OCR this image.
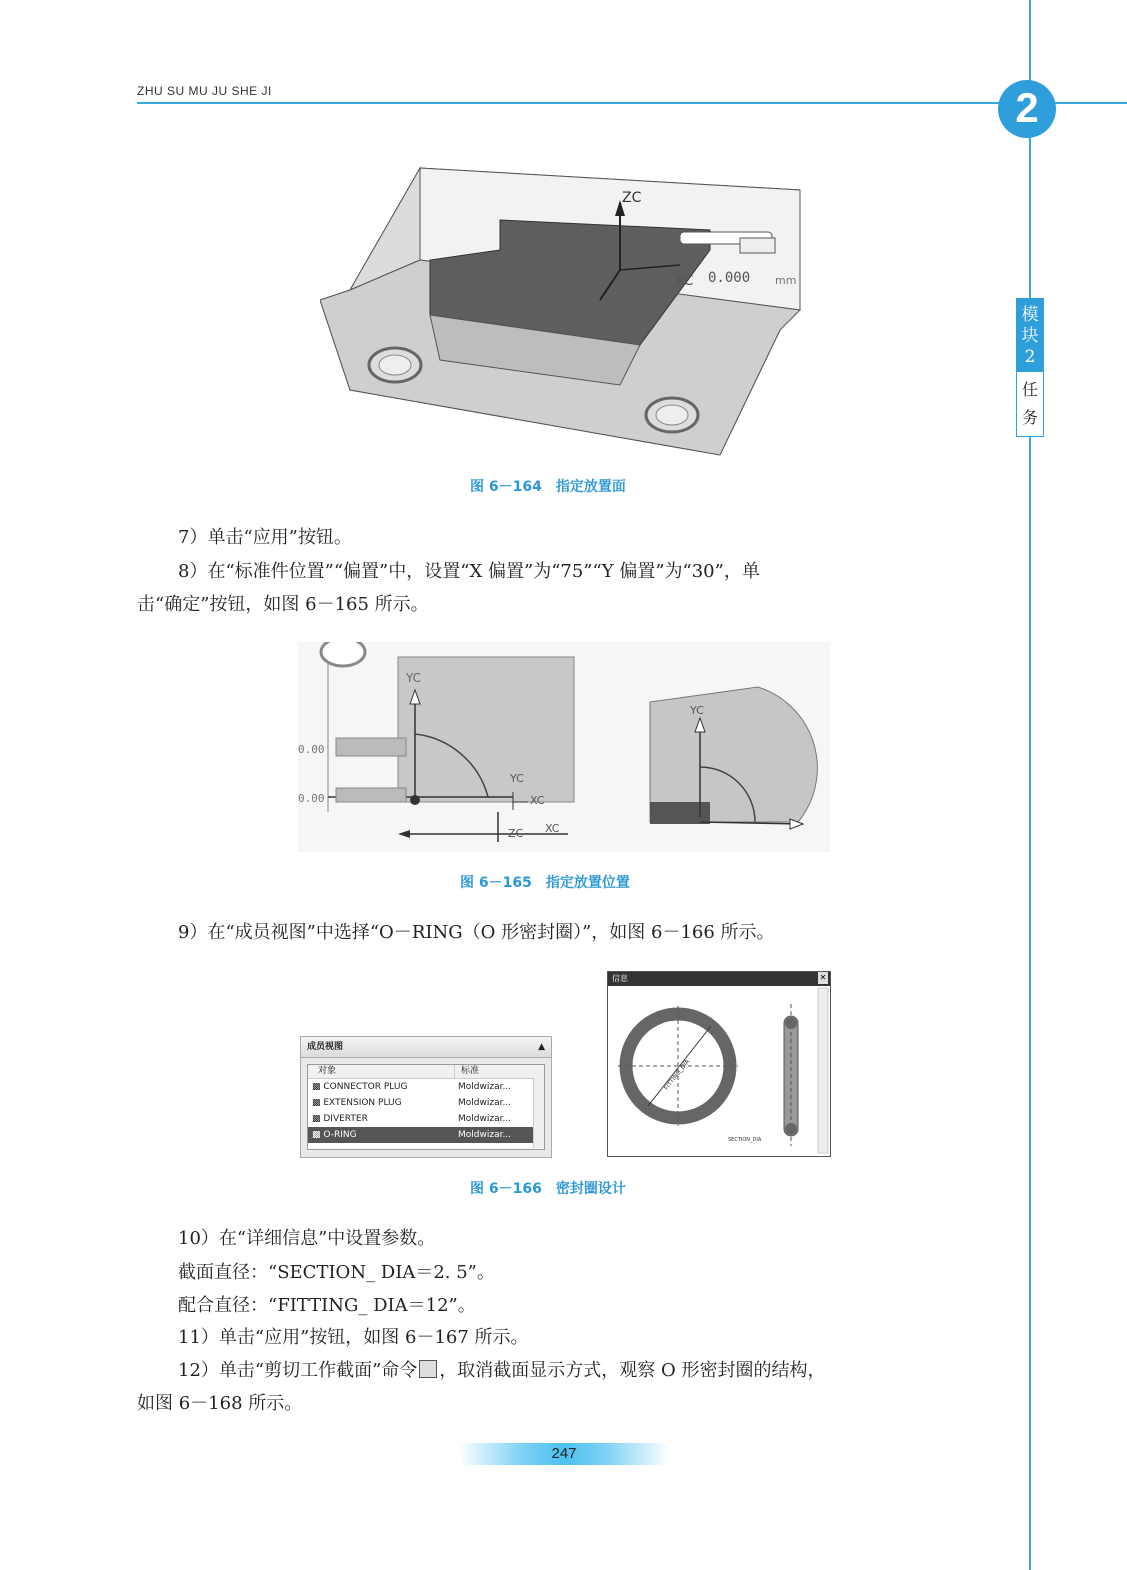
ZHU SU MU JU SHE JI	2
模
块
2
任
务
ZC
XC 0.000 mm
图 6－164　指定放置面
7）单击“应用”按钮。
8）在“标准件位置”“偏置”中，设置“X 偏置”为“75”“Y 偏置”为“30”，单
击“确定”按钮，如图 6－165 所示。
YC
YC
XC
ZC XC
0.00
0.00
YC
图 6－165　指定放置位置
9）在“成员视图”中选择“O－RING（O 形密封圈）”，如图 6－166 所示。
成员视图	▲
对象	标准
▩ CONNECTOR PLUG	Moldwizar...
▩ EXTENSION PLUG	Moldwizar...
▩ DIVERTER	Moldwizar...
▩ O-RING	Moldwizar...
信息	✕
FITTING_DIA
SECTION_DIA
图 6－166　密封圈设计
10）在“详细信息”中设置参数。
截面直径：“SECTION_ DIA＝2. 5”。
配合直径：“FITTING_ DIA＝12”。
11）单击“应用”按钮，如图 6－167 所示。
12）单击“剪切工作截面”命令 ，取消截面显示方式，观察 O 形密封圈的结构，
如图 6－168 所示。
247
